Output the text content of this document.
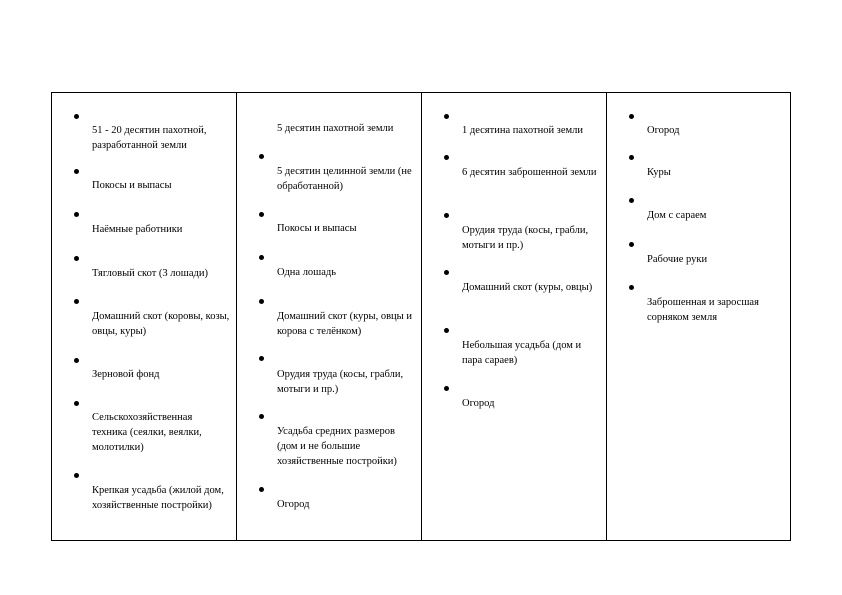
51 - 20 десятин пахотной, разработанной земли
Покосы и выпасы
Наёмные работники
Тягловый скот (3 лошади)
Домашний скот (коровы, козы, овцы, куры)
Зерновой фонд
Сельскохозяйственная техника (сеялки, веялки, молотилки)
Крепкая усадьба (жилой дом, хозяйственные постройки)
5 десятин пахотной земли
5 десятин целинной земли (не обработанной)
Покосы и выпасы
Одна лошадь
Домашний скот (куры, овцы и корова с телёнком)
Орудия труда (косы, грабли, мотыги и пр.)
Усадьба средних размеров (дом и не большие хозяйственные постройки)
Огород
1 десятина пахотной земли
6 десятин заброшенной земли
Орудия труда (косы, грабли, мотыги и пр.)
Домашний скот (куры, овцы)
Небольшая усадьба (дом и пара сараев)
Огород
Огород
Куры
Дом с сараем
Рабочие руки
Заброшенная и заросшая сорняком земля
